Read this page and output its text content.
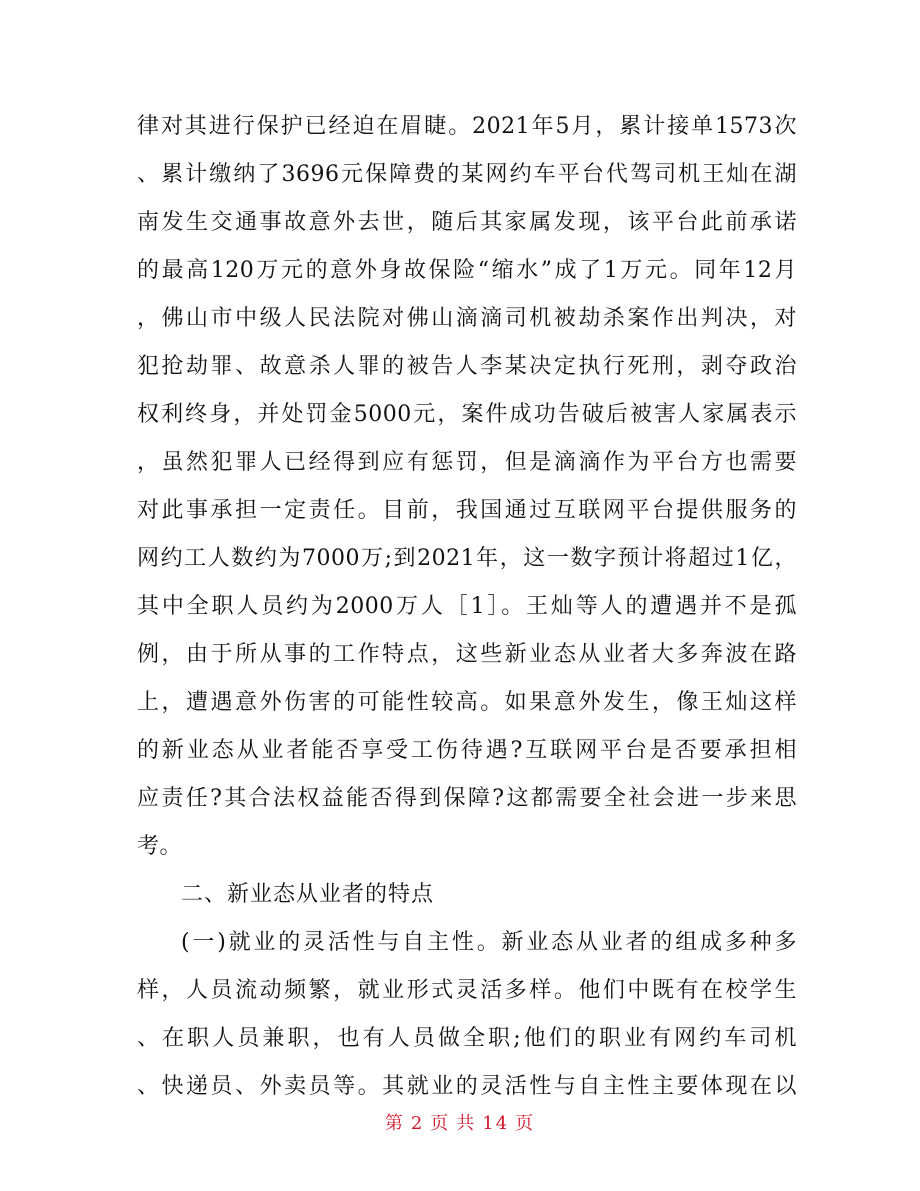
律对其进行保护已经迫在眉睫。2021年5月，累计接单1573次
、累计缴纳了3696元保障费的某网约车平台代驾司机王灿在湖
南发生交通事故意外去世，随后其家属发现，该平台此前承诺
的最高120万元的意外身故保险“缩水”成了1万元。同年12月
，佛山市中级人民法院对佛山滴滴司机被劫杀案作出判决，对
犯抢劫罪、故意杀人罪的被告人李某决定执行死刑，剥夺政治
权利终身，并处罚金5000元，案件成功告破后被害人家属表示
，虽然犯罪人已经得到应有惩罚，但是滴滴作为平台方也需要
对此事承担一定责任。目前，我国通过互联网平台提供服务的
网约工人数约为7000万;到2021年，这一数字预计将超过1亿，
其中全职人员约为2000万人［1］。王灿等人的遭遇并不是孤
例，由于所从事的工作特点，这些新业态从业者大多奔波在路
上，遭遇意外伤害的可能性较高。如果意外发生，像王灿这样
的新业态从业者能否享受工伤待遇?互联网平台是否要承担相
应责任?其合法权益能否得到保障?这都需要全社会进一步来思
考。
二、新业态从业者的特点
(一)就业的灵活性与自主性。新业态从业者的组成多种多
样，人员流动频繁，就业形式灵活多样。他们中既有在校学生
、在职人员兼职，也有人员做全职;他们的职业有网约车司机
、快递员、外卖员等。其就业的灵活性与自主性主要体现在以
第 2 页 共 14 页
